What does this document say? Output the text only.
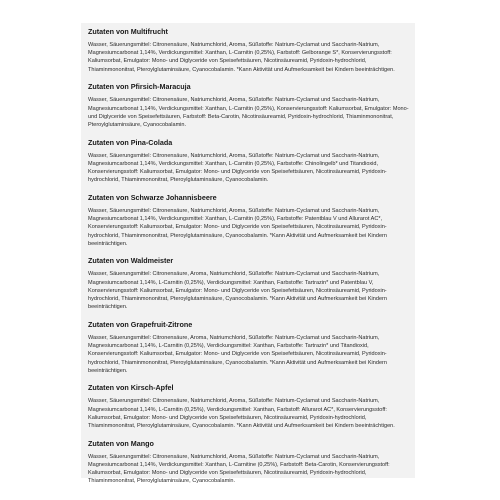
Zutaten von Multifrucht

Wasser, Säuerungsmittel: Citronensäure, Natriumchlorid, Aroma, Süßstoffe: Natrium-Cyclamat und Saccharin-Natrium, Magnesiumcarbonat 1,14%, Verdickungsmittel: Xanthan, L-Carnitin (0,25%), Farbstoff: Gelborange S*, Konservierungsstoff: Kaliumsorbat, Emulgator: Mono- und Diglyceride von Speisefettsäuren, Nicotinsäureamid, Pyridoxin-hydrochlorid, Thiaminmononitrat, Pteroylglutaminsäure, Cyanocobalamin. *Kann Aktivität und Aufmerksamkeit bei Kindern beeinträchtigen.

Zutaten von Pfirsich-Maracuja

Wasser, Säuerungsmittel: Citronensäure, Natriumchlorid, Aroma, Süßstoffe: Natrium-Cyclamat und Saccharin-Natrium, Magnesiumcarbonat 1,14%, Verdickungsmittel: Xanthan, L-Carnitin (0,25%), Konservierungsstoff: Kaliumsorbat, Emulgator: Mono- und Diglyceride von Speisefettsäuren, Farbstoff: Beta-Carotin, Nicotinsäureamid, Pyridoxin-hydrochlorid, Thiaminmononitrat, Pteroylglutaminsäure, Cyanocobalamin.

Zutaten von Pina-Colada

Wasser, Säuerungsmittel: Citronensäure, Natriumchlorid, Aroma, Süßstoffe: Natrium-Cyclamat und Saccharin-Natrium, Magnesiumcarbonat 1,14%, Verdickungsmittel: Xanthan, L-Carnitin (0,25%), Farbstoffe: Chinolingelb* und Titandioxid, Konservierungsstoff: Kaliumsorbat, Emulgator: Mono- und Diglyceride von Speisefettsäuren, Nicotinsäureamid, Pyridoxin-hydrochlorid, Thiaminmononitrat, Pteroylglutaminsäure, Cyanocobalamin.

Zutaten von Schwarze Johannisbeere

Wasser, Säuerungsmittel: Citronensäure, Natriumchlorid, Aroma, Süßstoffe: Natrium-Cyclamat und Saccharin-Natrium, Magnesiumcarbonat 1,14%, Verdickungsmittel: Xanthan, L-Carnitin (0,25%), Farbstoffe: Patentblau V und Allurarot AC*, Konservierungsstoff: Kaliumsorbat, Emulgator: Mono- und Diglyceride von Speisefettsäuren, Nicotinsäureamid, Pyridoxin-hydrochlorid, Thiaminmononitrat, Pteroylglutaminsäure, Cyanocobalamin. *Kann Aktivität und Aufmerksamkeit bei Kindern beeinträchtigen.

Zutaten von Waldmeister

Wasser, Säuerungsmittel: Citronensäure, Aroma, Natriumchlorid, Süßstoffe: Natrium-Cyclamat und Saccharin-Natrium, Magnesiumcarbonat 1,14%, L-Carnitin (0,25%), Verdickungsmittel: Xanthan, Farbstoffe: Tartrazin* und Patentblau V, Konservierungsstoff: Kaliumsorbat, Emulgator: Mono- und Diglyceride von Speisefettsäuren, Nicotinsäureamid, Pyridoxin-hydrochlorid, Thiaminmononitrat, Pteroylglutaminsäure, Cyanocobalamin. *Kann Aktivität und Aufmerksamkeit bei Kindern beeinträchtigen.

Zutaten von Grapefruit-Zitrone

Wasser, Säuerungsmittel: Citronensäure, Aroma, Natriumchlorid, Süßstoffe: Natrium-Cyclamat und Saccharin-Natrium, Magnesiumcarbonat 1,14%, L-Carnitin (0,25%), Verdickungsmittel: Xanthan, Farbstoffe: Tartrazin* und Titandioxid, Konservierungsstoff: Kaliumsorbat, Emulgator: Mono- und Diglyceride von Speisefettsäuren, Nicotinsäureamid, Pyridoxin-hydrochlorid, Thiaminmononitrat, Pteroylglutaminsäure, Cyanocobalamin. *Kann Aktivität und Aufmerksamkeit bei Kindern beeinträchtigen.

Zutaten von Kirsch-Apfel

Wasser, Säuerungsmittel: Citronensäure, Natriumchlorid, Aroma, Süßstoffe: Natrium-Cyclamat und Saccharin-Natrium, Magnesiumcarbonat 1,14%, L-Carnitin (0,25%), Verdickungsmittel: Xanthan, Farbstoff: Allurarot AC*, Konservierungsstoff: Kaliumsorbat, Emulgator: Mono- und Diglyceride von Speisefettsäuren, Nicotinsäureamid, Pyridoxin-hydrochlorid, Thiaminmononitrat, Pteroylglutaminsäure, Cyanocobalamin. *Kann Aktivität und Aufmerksamkeit bei Kindern beeinträchtigen.

Zutaten von Mango

Wasser, Säuerungsmittel: Citronensäure, Natriumchlorid, Aroma, Süßstoffe: Natrium-Cyclamat und Saccharin-Natrium, Magnesiumcarbonat 1,14%, Verdickungsmittel: Xanthan, L-Carnitine (0,25%), Farbstoff: Beta-Carotin, Konservierungsstoff: Kaliumsorbat, Emulgator: Mono- und Diglyceride von Speisefettsäuren, Nicotinsäureamid, Pyridoxin-hydrochlorid, Thiaminmononitrat, Pteroylglutaminsäure, Cyanocobalamin.
